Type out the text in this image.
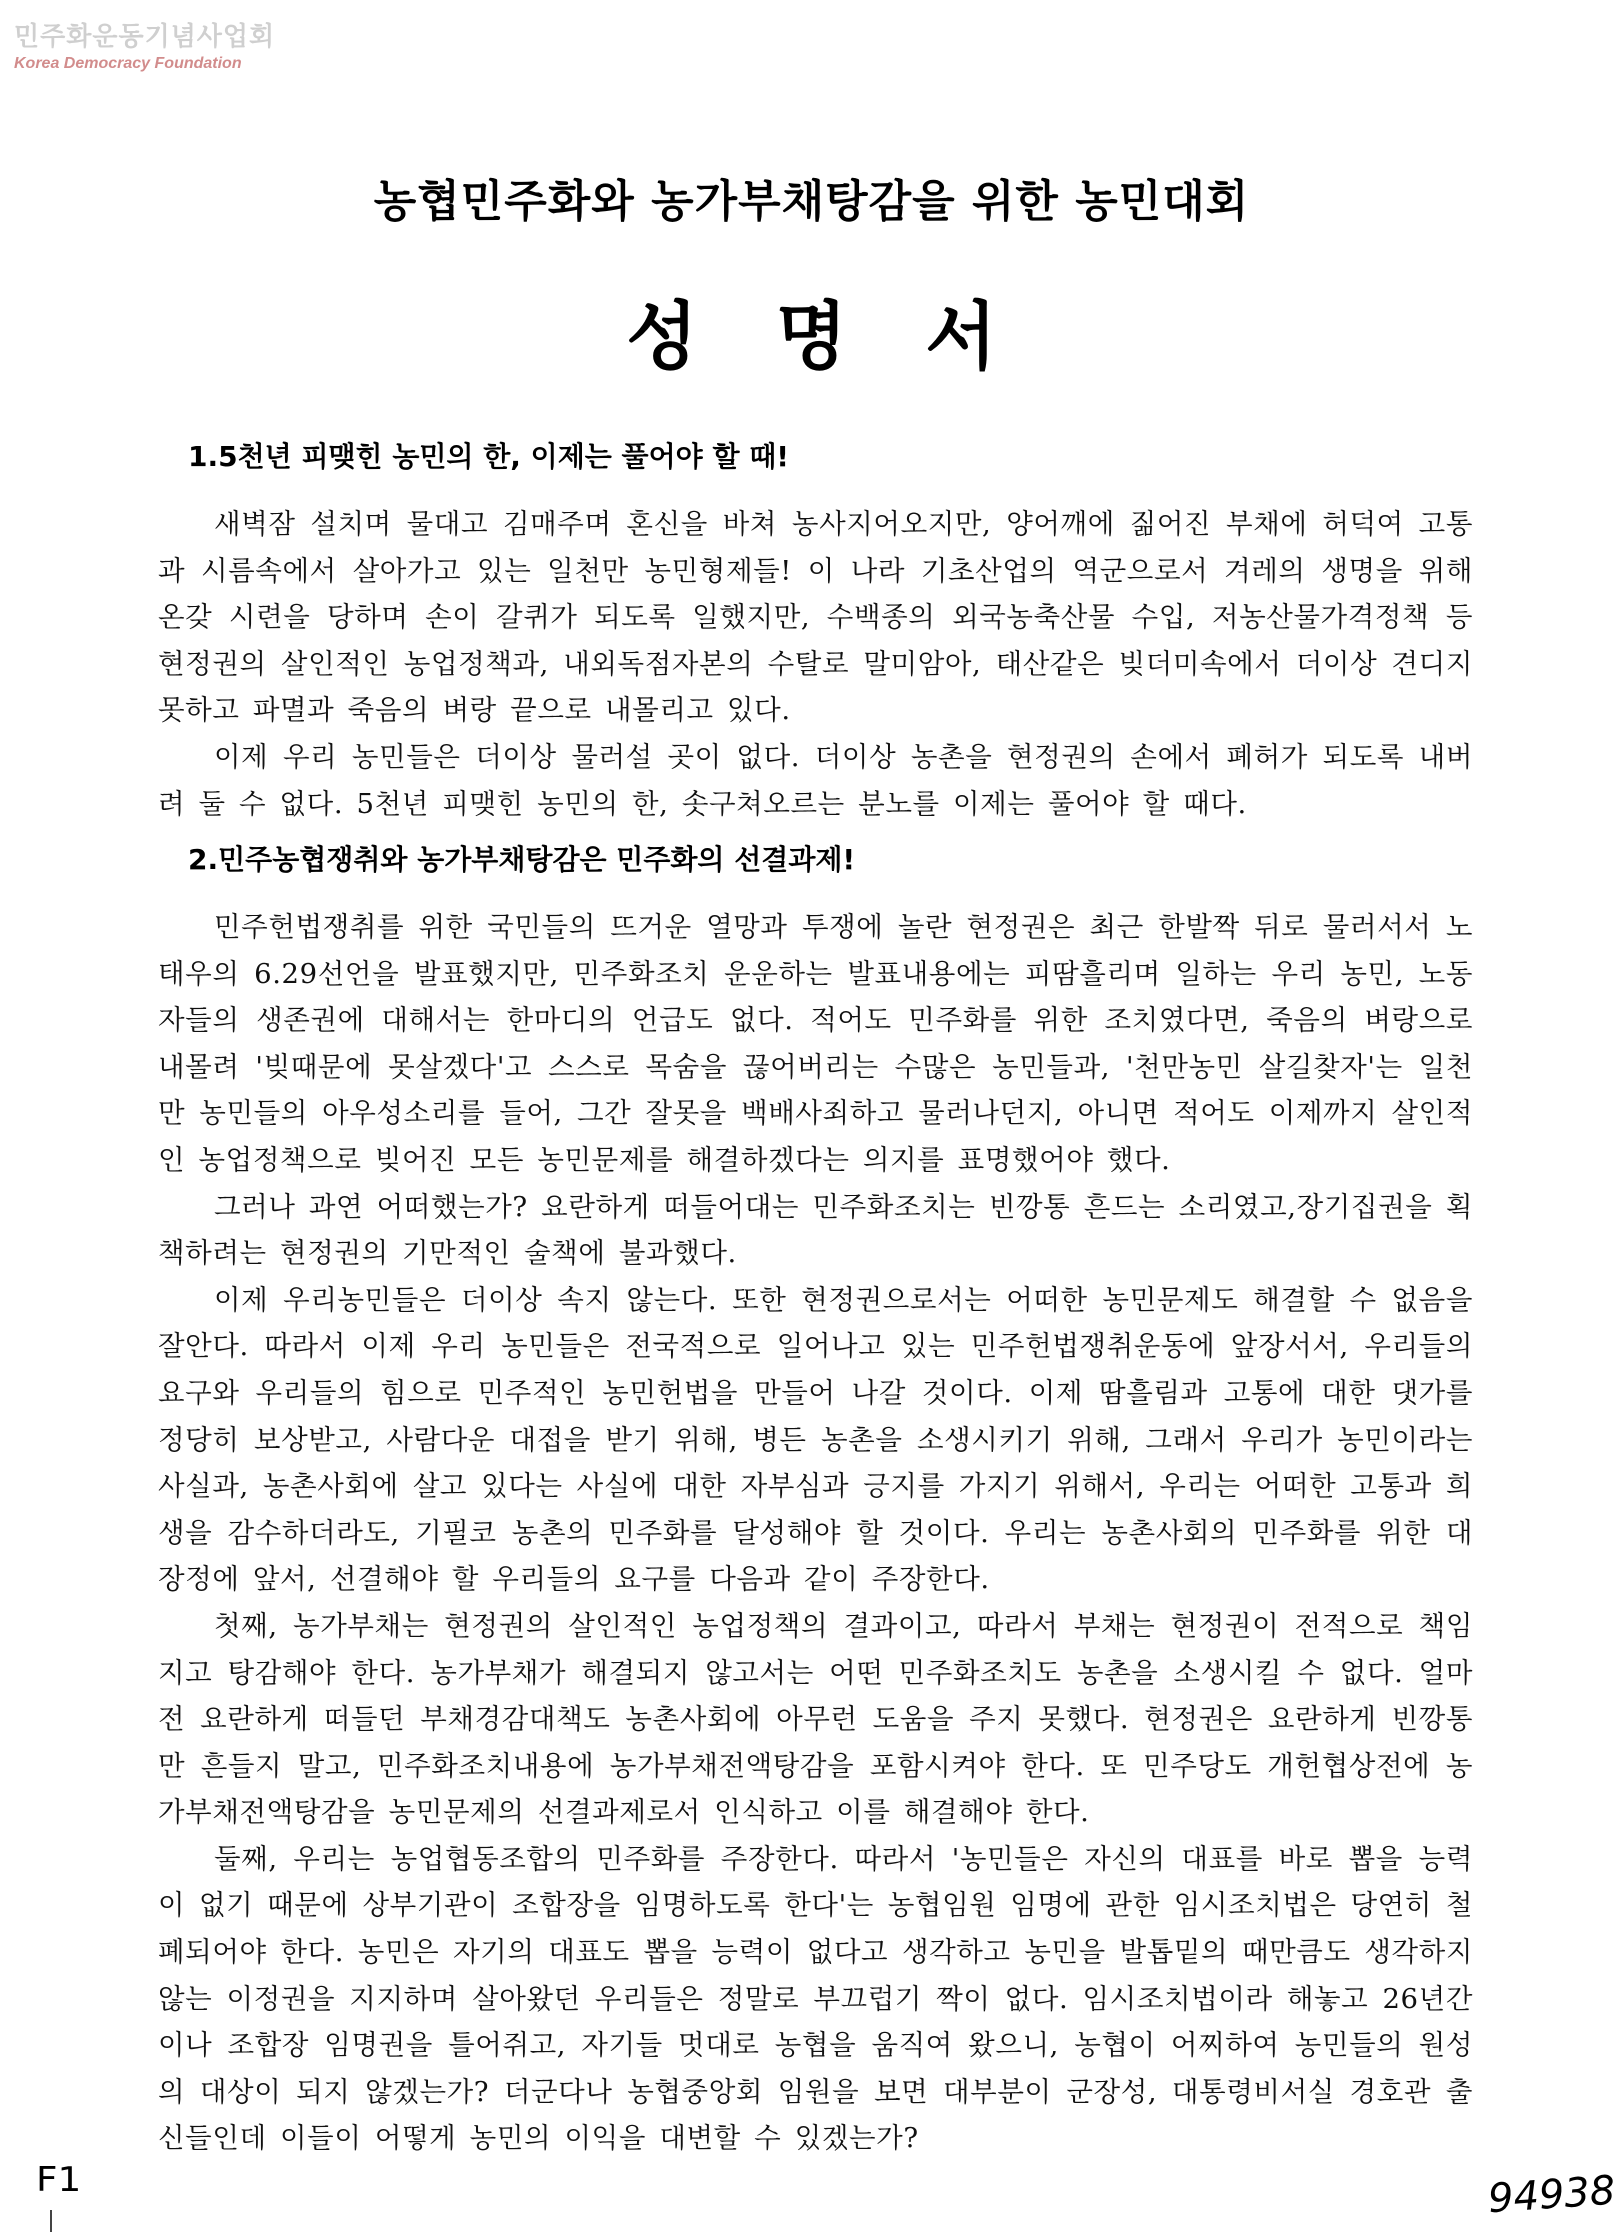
민주화운동기념사업회
Korea Democracy Foundation
농협민주화와 농가부채탕감을 위한 농민대회
성명서
1.5천년 피맺힌 농민의 한, 이제는 풀어야 할 때!

새벽잠 설치며 물대고 김매주며 혼신을 바쳐 농사지어오지만, 양어깨에 짊어진 부채에 허덕여 고통과 시름속에서 살아가고 있는 일천만 농민형제들! 이 나라 기초산업의 역군으로서 겨레의 생명을 위해 온갖 시련을 당하며 손이 갈퀴가 되도록 일했지만, 수백종의 외국농축산물 수입, 저농산물가격정책 등 현정권의 살인적인 농업정책과, 내외독점자본의 수탈로 말미암아, 태산같은 빚더미속에서 더이상 견디지 못하고 파멸과 죽음의 벼랑 끝으로 내몰리고 있다.

이제 우리 농민들은 더이상 물러설 곳이 없다. 더이상 농촌을 현정권의 손에서 폐허가 되도록 내버려 둘 수 없다. 5천년 피맺힌 농민의 한, 솟구쳐오르는 분노를 이제는 풀어야 할 때다.

2.민주농협쟁취와 농가부채탕감은 민주화의 선결과제!

민주헌법쟁취를 위한 국민들의 뜨거운 열망과 투쟁에 놀란 현정권은 최근 한발짝 뒤로 물러서서 노태우의 6.29선언을 발표했지만, 민주화조치 운운하는 발표내용에는 피땀흘리며 일하는 우리 농민, 노동자들의 생존권에 대해서는 한마디의 언급도 없다. 적어도 민주화를 위한 조치였다면, 죽음의 벼랑으로 내몰려 '빚때문에 못살겠다'고 스스로 목숨을 끊어버리는 수많은 농민들과, '천만농민 살길찾자'는 일천만 농민들의 아우성소리를 들어, 그간 잘못을 백배사죄하고 물러나던지, 아니면 적어도 이제까지 살인적인 농업정책으로 빚어진 모든 농민문제를 해결하겠다는 의지를 표명했어야 했다.

그러나 과연 어떠했는가? 요란하게 떠들어대는 민주화조치는 빈깡통 흔드는 소리였고,장기집권을 획책하려는 현정권의 기만적인 술책에 불과했다.

이제 우리농민들은 더이상 속지 않는다. 또한 현정권으로서는 어떠한 농민문제도 해결할 수 없음을 잘안다. 따라서 이제 우리 농민들은 전국적으로 일어나고 있는 민주헌법쟁취운동에 앞장서서, 우리들의 요구와 우리들의 힘으로 민주적인 농민헌법을 만들어 나갈 것이다. 이제 땀흘림과 고통에 대한 댓가를 정당히 보상받고, 사람다운 대접을 받기 위해, 병든 농촌을 소생시키기 위해, 그래서 우리가 농민이라는 사실과, 농촌사회에 살고 있다는 사실에 대한 자부심과 긍지를 가지기 위해서, 우리는 어떠한 고통과 희생을 감수하더라도, 기필코 농촌의 민주화를 달성해야 할 것이다. 우리는 농촌사회의 민주화를 위한 대장정에 앞서, 선결해야 할 우리들의 요구를 다음과 같이 주장한다.

첫째, 농가부채는 현정권의 살인적인 농업정책의 결과이고, 따라서 부채는 현정권이 전적으로 책임지고 탕감해야 한다. 농가부채가 해결되지 않고서는 어떤 민주화조치도 농촌을 소생시킬 수 없다. 얼마전 요란하게 떠들던 부채경감대책도 농촌사회에 아무런 도움을 주지 못했다. 현정권은 요란하게 빈깡통만 흔들지 말고, 민주화조치내용에 농가부채전액탕감을 포함시켜야 한다. 또 민주당도 개헌협상전에 농가부채전액탕감을 농민문제의 선결과제로서 인식하고 이를 해결해야 한다.

둘째, 우리는 농업협동조합의 민주화를 주장한다. 따라서 '농민들은 자신의 대표를 바로 뽑을 능력이 없기 때문에 상부기관이 조합장을 임명하도록 한다'는 농협임원 임명에 관한 임시조치법은 당연히 철폐되어야 한다. 농민은 자기의 대표도 뽑을 능력이 없다고 생각하고 농민을 발톱밑의 때만큼도 생각하지 않는 이정권을 지지하며 살아왔던 우리들은 정말로 부끄럽기 짝이 없다. 임시조치법이라 해놓고 26년간이나 조합장 임명권을 틀어쥐고, 자기들 멋대로 농협을 움직여 왔으니, 농협이 어찌하여 농민들의 원성의 대상이 되지 않겠는가? 더군다나 농협중앙회 임원을 보면 대부분이 군장성, 대통령비서실 경호관 출신들인데 이들이 어떻게 농민의 이익을 대변할 수 있겠는가?

F1	94938
